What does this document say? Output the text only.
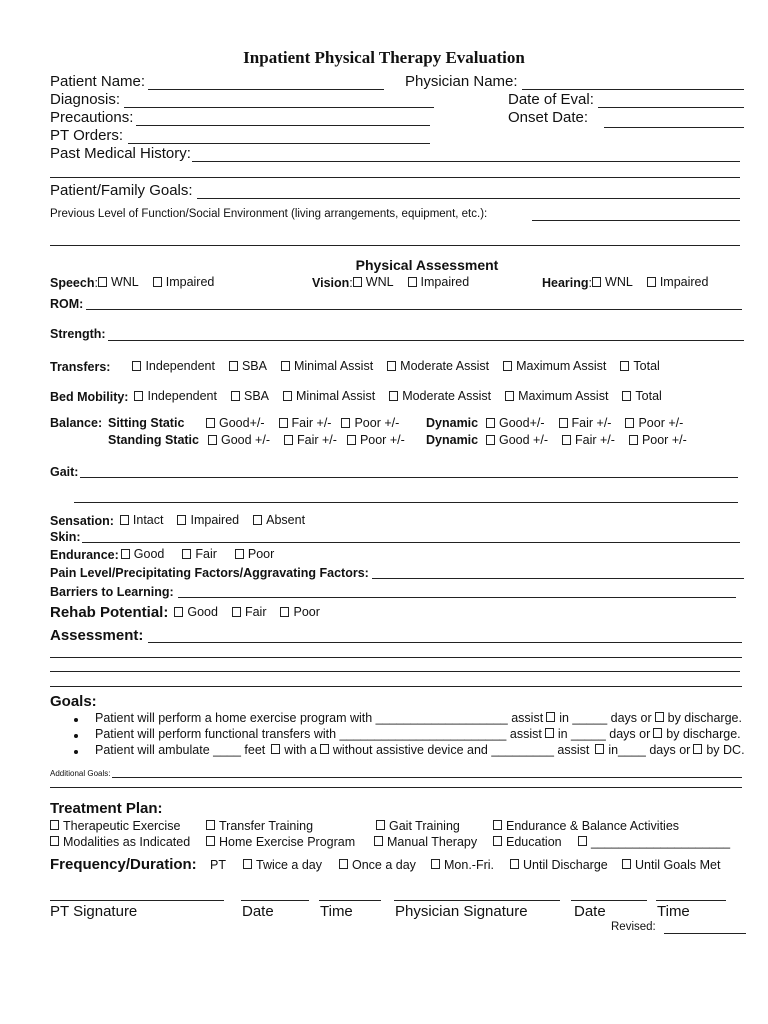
Inpatient Physical Therapy Evaluation
Patient Name:	Physician Name:
Diagnosis:	Date of Eval:
Precautions:	Onset Date:
PT Orders:
Past Medical History:
Patient/Family Goals:
Previous Level of Function/Social Environment (living arrangements, equipment, etc.):
Physical Assessment
Speech : WNL Impaired	Vision : WNL Impaired	Hearing : WNL Impaired
ROM:
Strength:
Transfers:	Independent SBA Minimal Assist Moderate Assist Maximum Assist Total
Bed Mobility: Independent SBA Minimal Assist Moderate Assist Maximum Assist Total
Balance: Sitting Static	Good+/- Fair +/- Poor +/- Dynamic Good+/- Fair +/- Poor +/-
Standing Static Good +/- Fair +/- Poor +/- Dynamic Good +/- Fair +/- Poor +/-
Gait:
Sensation: Intact Impaired Absent
Skin:
Endurance: Good Fair Poor
Pain Level/Precipitating Factors/Aggravating Factors:
Barriers to Learning:
Rehab Potential: Good Fair Poor
Assessment:
Goals:
Patient will perform a home exercise program with ___________________ assist in _____ days or by discharge.
Patient will perform functional transfers with ________________________ assist in _____ days or by discharge.
Patient will ambulate ____ feet with a without assistive device and _________ assist in____ days or by DC.
Additional Goals:
Treatment Plan:
Therapeutic Exercise	Transfer Training	Gait Training	Endurance & Balance Activities
Modalities as Indicated	Home Exercise Program	Manual Therapy	Education	____________________
Frequency/Duration: PT	Twice a day	Once a day	Mon.-Fri.	Until Discharge	Until Goals Met
PT Signature	Date	Time	Physician Signature	Date	Time
Revised:
